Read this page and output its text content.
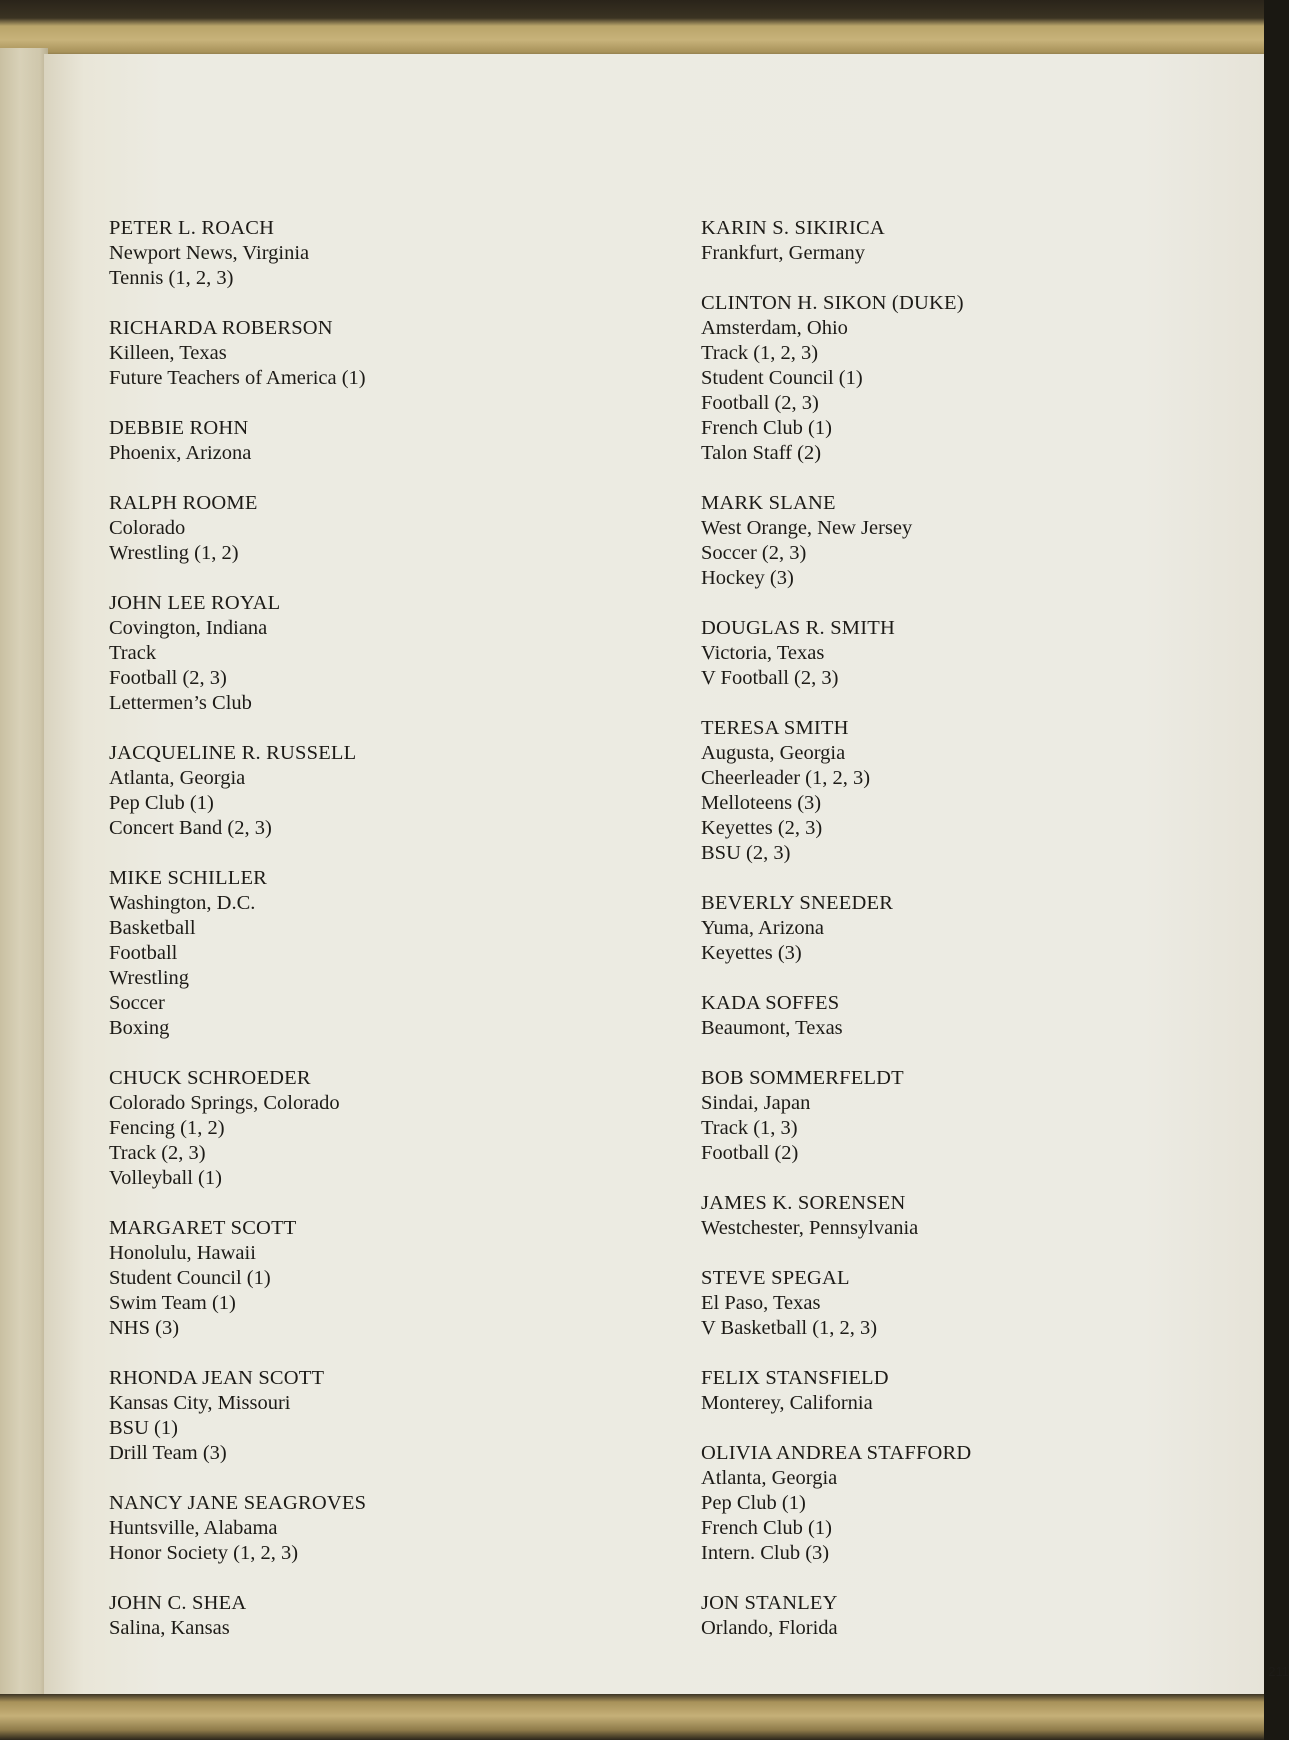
PETER L. ROACH
Newport News, Virginia
Tennis (1, 2, 3)
RICHARDA ROBERSON
Killeen, Texas
Future Teachers of America (1)
DEBBIE ROHN
Phoenix, Arizona
RALPH ROOME
Colorado
Wrestling (1, 2)
JOHN LEE ROYAL
Covington, Indiana
Track
Football (2, 3)
Lettermen’s Club
JACQUELINE R. RUSSELL
Atlanta, Georgia
Pep Club (1)
Concert Band (2, 3)
MIKE SCHILLER
Washington, D.C.
Basketball
Football
Wrestling
Soccer
Boxing
CHUCK SCHROEDER
Colorado Springs, Colorado
Fencing (1, 2)
Track (2, 3)
Volleyball (1)
MARGARET SCOTT
Honolulu, Hawaii
Student Council (1)
Swim Team (1)
NHS (3)
RHONDA JEAN SCOTT
Kansas City, Missouri
BSU (1)
Drill Team (3)
NANCY JANE SEAGROVES
Huntsville, Alabama
Honor Society (1, 2, 3)
JOHN C. SHEA
Salina, Kansas
KARIN S. SIKIRICA
Frankfurt, Germany
CLINTON H. SIKON (DUKE)
Amsterdam, Ohio
Track (1, 2, 3)
Student Council (1)
Football (2, 3)
French Club (1)
Talon Staff (2)
MARK SLANE
West Orange, New Jersey
Soccer (2, 3)
Hockey (3)
DOUGLAS R. SMITH
Victoria, Texas
V Football (2, 3)
TERESA SMITH
Augusta, Georgia
Cheerleader (1, 2, 3)
Melloteens (3)
Keyettes (2, 3)
BSU (2, 3)
BEVERLY SNEEDER
Yuma, Arizona
Keyettes (3)
KADA SOFFES
Beaumont, Texas
BOB SOMMERFELDT
Sindai, Japan
Track (1, 3)
Football (2)
JAMES K. SORENSEN
Westchester, Pennsylvania
STEVE SPEGAL
El Paso, Texas
V Basketball (1, 2, 3)
FELIX STANSFIELD
Monterey, California
OLIVIA ANDREA STAFFORD
Atlanta, Georgia
Pep Club (1)
French Club (1)
Intern. Club (3)
JON STANLEY
Orlando, Florida
211
